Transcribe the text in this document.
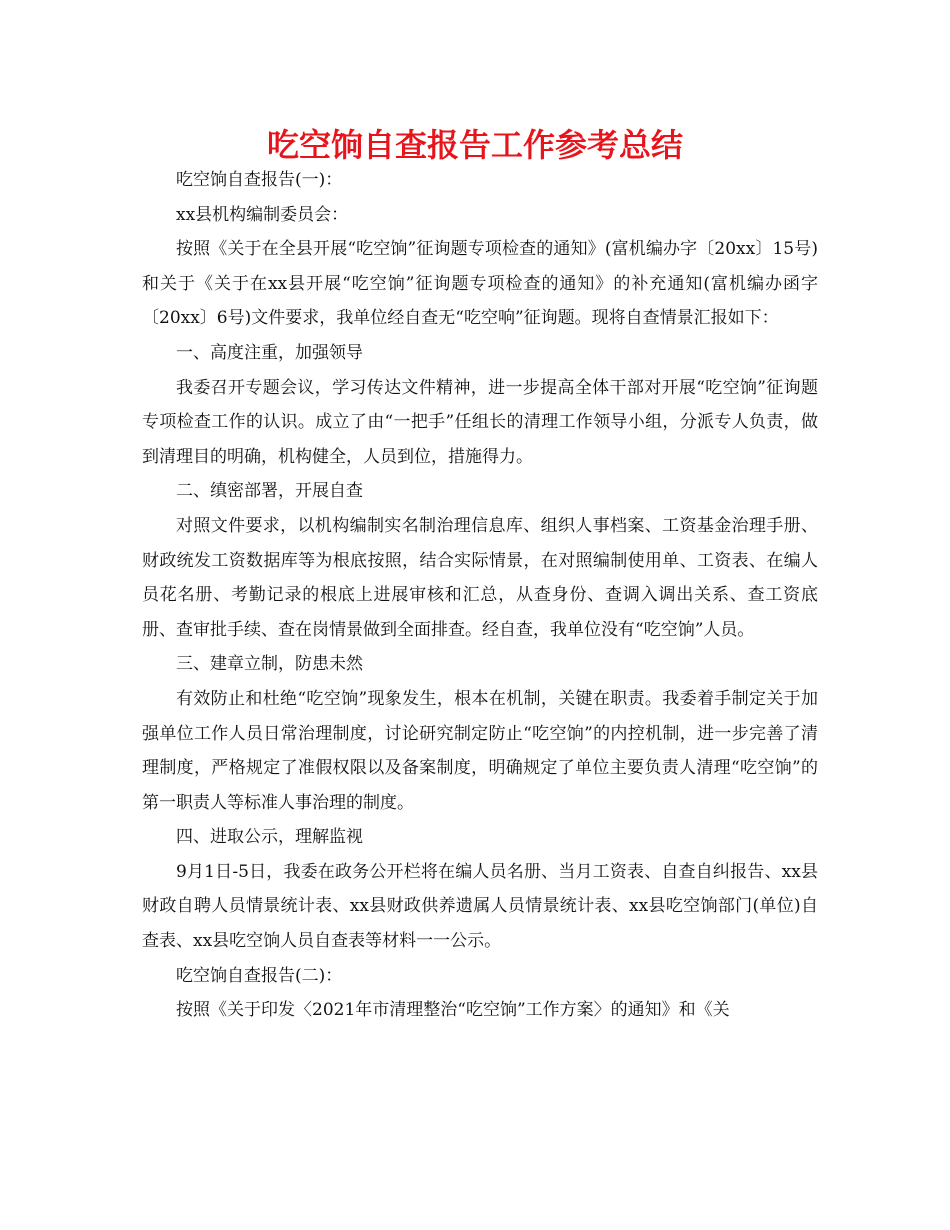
吃空饷自查报告工作参考总结

吃空饷自查报告(一)：

xx县机构编制委员会：

按照《关于在全县开展“吃空饷”征询题专项检查的通知》(富机编办字〔20xx〕15号)和关于《关于在xx县开展“吃空饷”征询题专项检查的通知》的补充通知(富机编办函字〔20xx〕6号)文件要求，我单位经自查无“吃空响”征询题。现将自查情景汇报如下：

一、高度注重，加强领导

我委召开专题会议，学习传达文件精神，进一步提高全体干部对开展“吃空饷”征询题专项检查工作的认识。成立了由“一把手”任组长的清理工作领导小组，分派专人负责，做到清理目的明确，机构健全，人员到位，措施得力。

二、缜密部署，开展自查

对照文件要求，以机构编制实名制治理信息库、组织人事档案、工资基金治理手册、财政统发工资数据库等为根底按照，结合实际情景，在对照编制使用单、工资表、在编人员花名册、考勤记录的根底上进展审核和汇总，从查身份、查调入调出关系、查工资底册、查审批手续、查在岗情景做到全面排查。经自查，我单位没有“吃空饷”人员。

三、建章立制，防患未然

有效防止和杜绝“吃空饷”现象发生，根本在机制，关键在职责。我委着手制定关于加强单位工作人员日常治理制度，讨论研究制定防止“吃空饷”的内控机制，进一步完善了清理制度，严格规定了准假权限以及备案制度，明确规定了单位主要负责人清理“吃空饷”的第一职责人等标准人事治理的制度。

四、进取公示，理解监视

9月1日-5日，我委在政务公开栏将在编人员名册、当月工资表、自查自纠报告、xx县财政自聘人员情景统计表、xx县财政供养遗属人员情景统计表、xx县吃空饷部门(单位)自查表、xx县吃空饷人员自查表等材料一一公示。

吃空饷自查报告(二)：

按照《关于印发〈2021年市清理整治“吃空饷”工作方案〉的通知》和《关
